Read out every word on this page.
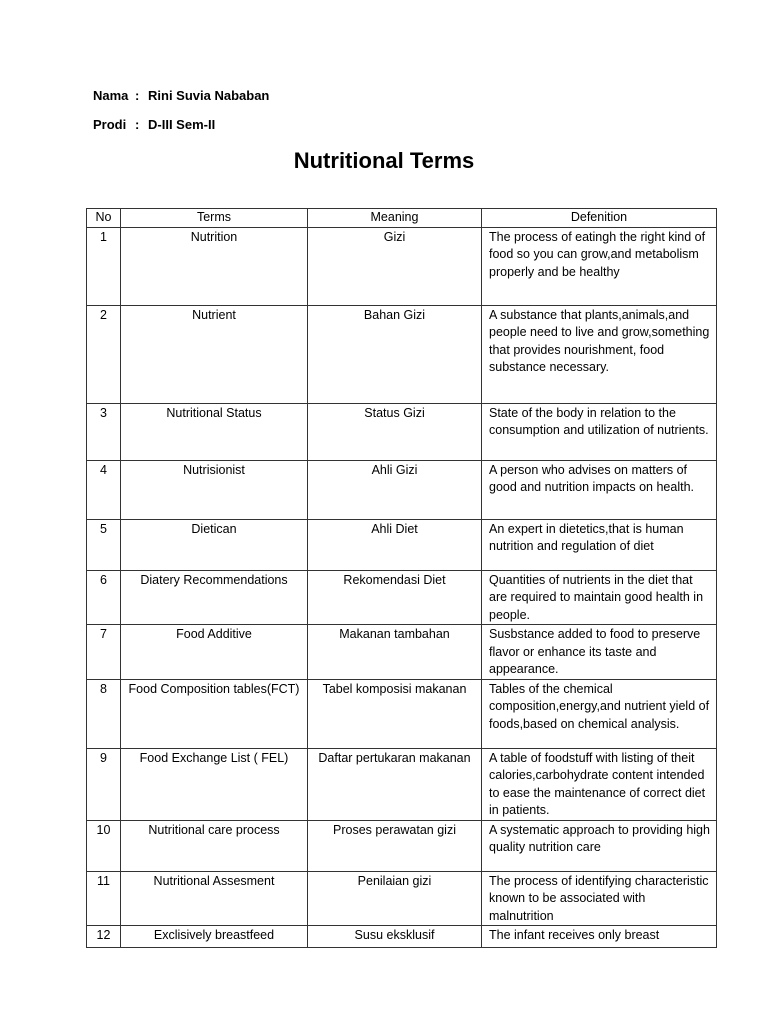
Nama : Rini Suvia Nababan
Prodi : D-III Sem-II
Nutritional Terms
No	Terms	Meaning	Defenition
1	Nutrition	Gizi	The process of eatingh the right kind of food so you can grow,and metabolism properly and be healthy
2	Nutrient	Bahan Gizi	A substance that plants,animals,and people need to live and grow,something that provides nourishment, food substance necessary.
3	Nutritional Status	Status Gizi	State of the body in relation to the consumption and utilization of nutrients.
4	Nutrisionist	Ahli Gizi	A person who advises on matters of good and nutrition impacts on health.
5	Dietican	Ahli Diet	An expert in dietetics,that is human nutrition and regulation of diet
6	Diatery Recommendations	Rekomendasi Diet	Quantities of nutrients in the diet that are required to maintain good health in people.
7	Food Additive	Makanan tambahan	Susbstance added to food to preserve flavor or enhance its taste and appearance.
8	Food Composition tables(FCT)	Tabel komposisi makanan	Tables of the chemical composition,energy,and nutrient yield of foods,based on chemical analysis.
9	Food Exchange List ( FEL)	Daftar pertukaran makanan	A table of foodstuff with listing of theit calories,carbohydrate content intended to ease the maintenance of correct diet in patients.
10	Nutritional care process	Proses perawatan gizi	A systematic approach to providing high quality nutrition care
11	Nutritional Assesment	Penilaian gizi	The process of identifying characteristic known to be associated with malnutrition
12	Exclisively breastfeed	Susu eksklusif	The infant receives only breast
